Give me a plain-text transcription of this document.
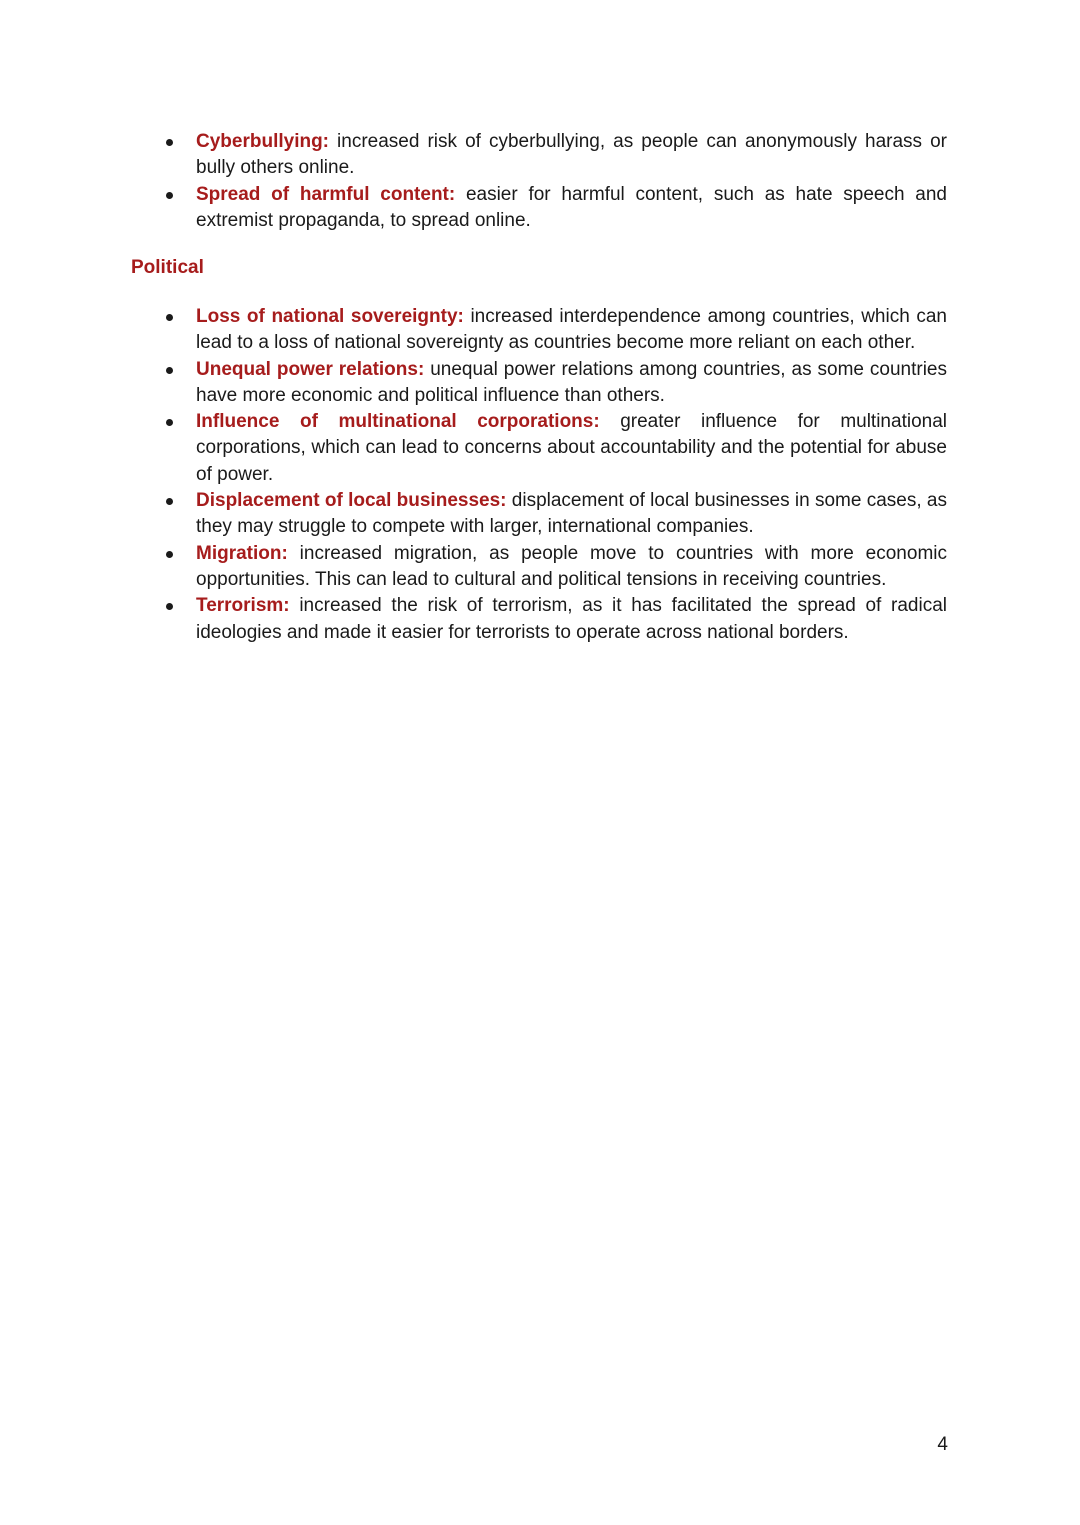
Cyberbullying: increased risk of cyberbullying, as people can anonymously harass or bully others online.
Spread of harmful content: easier for harmful content, such as hate speech and extremist propaganda, to spread online.
Political
Loss of national sovereignty: increased interdependence among countries, which can lead to a loss of national sovereignty as countries become more reliant on each other.
Unequal power relations: unequal power relations among countries, as some countries have more economic and political influence than others.
Influence of multinational corporations: greater influence for multinational corporations, which can lead to concerns about accountability and the potential for abuse of power.
Displacement of local businesses: displacement of local businesses in some cases, as they may struggle to compete with larger, international companies.
Migration: increased migration, as people move to countries with more economic opportunities. This can lead to cultural and political tensions in receiving countries.
Terrorism: increased the risk of terrorism, as it has facilitated the spread of radical ideologies and made it easier for terrorists to operate across national borders.
4
